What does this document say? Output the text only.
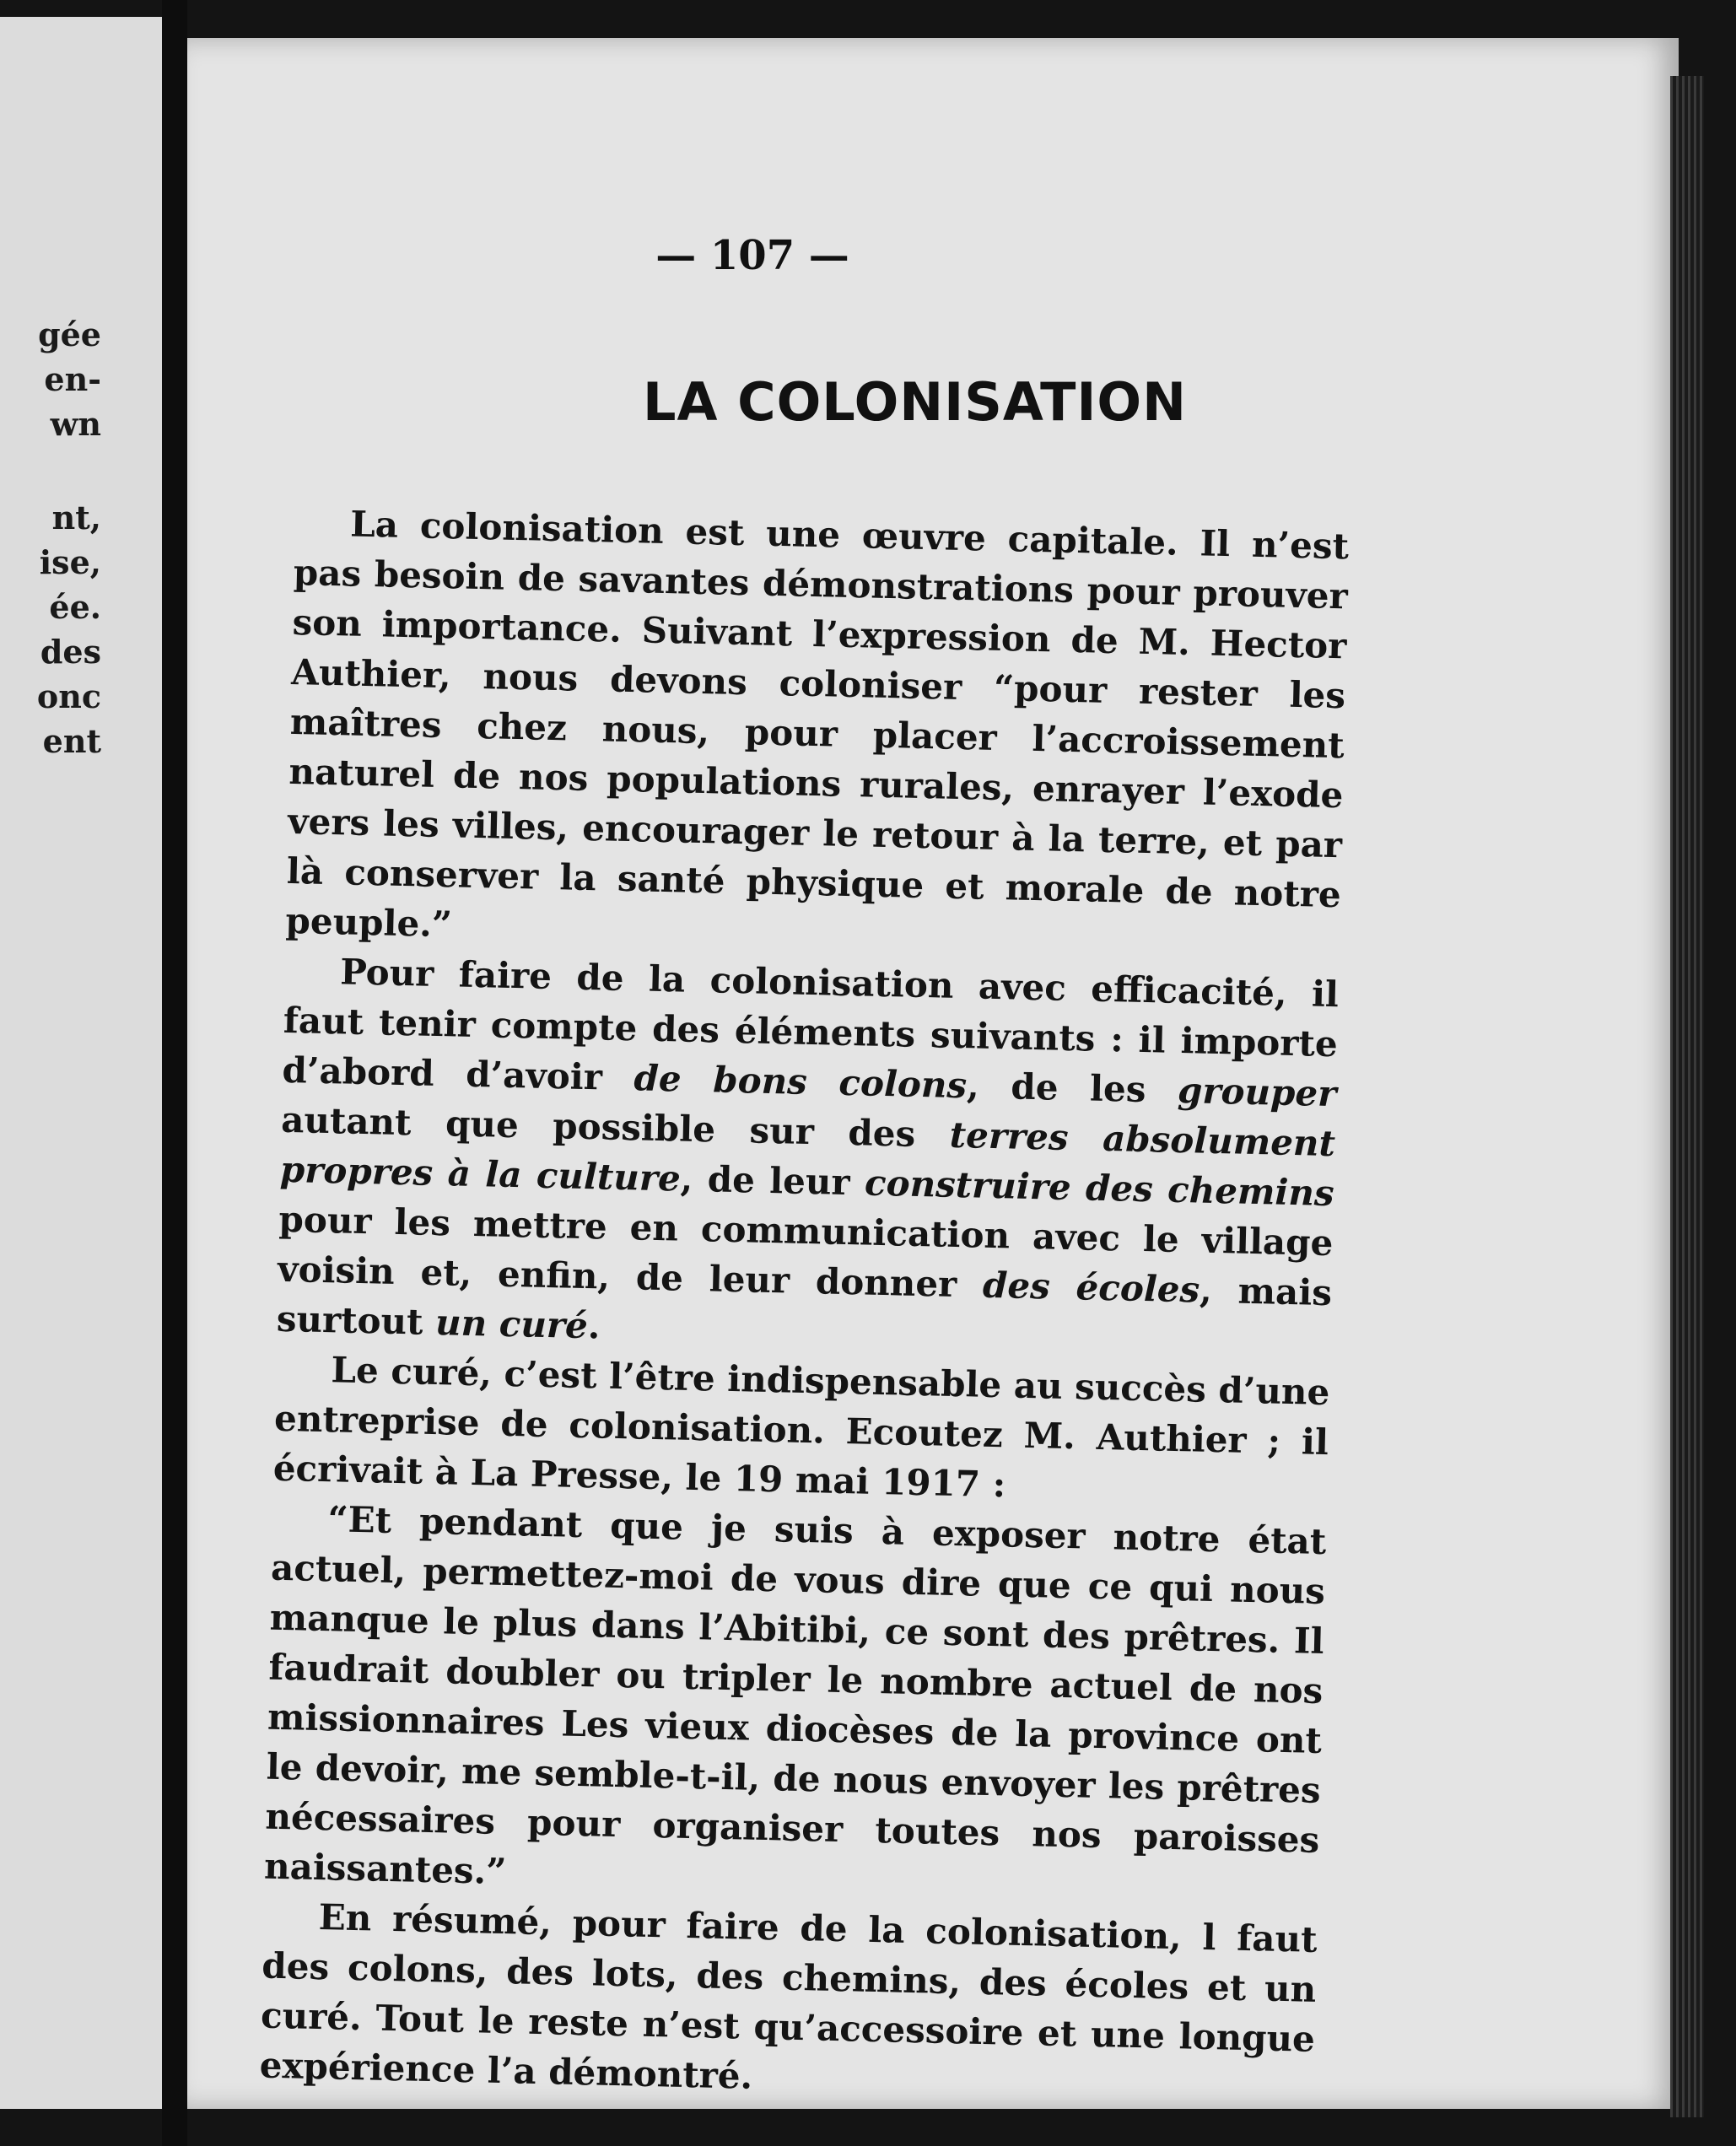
gée
en-
wn
nt,
ise,
ée.
des
onc
ent
— 107 —
LA COLONISATION

La colonisation est une œuvre capitale. Il n’est pas besoin de savantes démonstrations pour prouver son importance. Suivant l’expression de M. Hector Authier, nous devons coloniser “pour rester les maîtres chez nous, pour placer l’accroissement naturel de nos populations rurales, enrayer l’exode vers les villes, encourager le retour à la terre, et par là conserver la santé physique et morale de notre peuple.”

Pour faire de la colonisation avec efficacité, il faut tenir compte des éléments suivants : il importe d’abord d’avoir de bons colons, de les grouper autant que possible sur des terres absolument propres à la culture, de leur construire des chemins pour les mettre en communication avec le village voisin et, enfin, de leur donner des écoles, mais surtout un curé.

Le curé, c’est l’être indispensable au succès d’une entreprise de colonisation. Ecoutez M. Authier ; il écrivait à La Presse, le 19 mai 1917 :

“Et pendant que je suis à exposer notre état actuel, permettez-moi de vous dire que ce qui nous manque le plus dans l’Abitibi, ce sont des prêtres. Il faudrait doubler ou tripler le nombre actuel de nos missionnaires Les vieux diocèses de la province ont le devoir, me semble-t-il, de nous envoyer les prêtres nécessaires pour organiser toutes nos paroisses naissantes.”

En résumé, pour faire de la colonisation, l faut des colons, des lots, des chemins, des écoles et un curé. Tout le reste n’est qu’accessoire et une longue expérience l’a démontré.
